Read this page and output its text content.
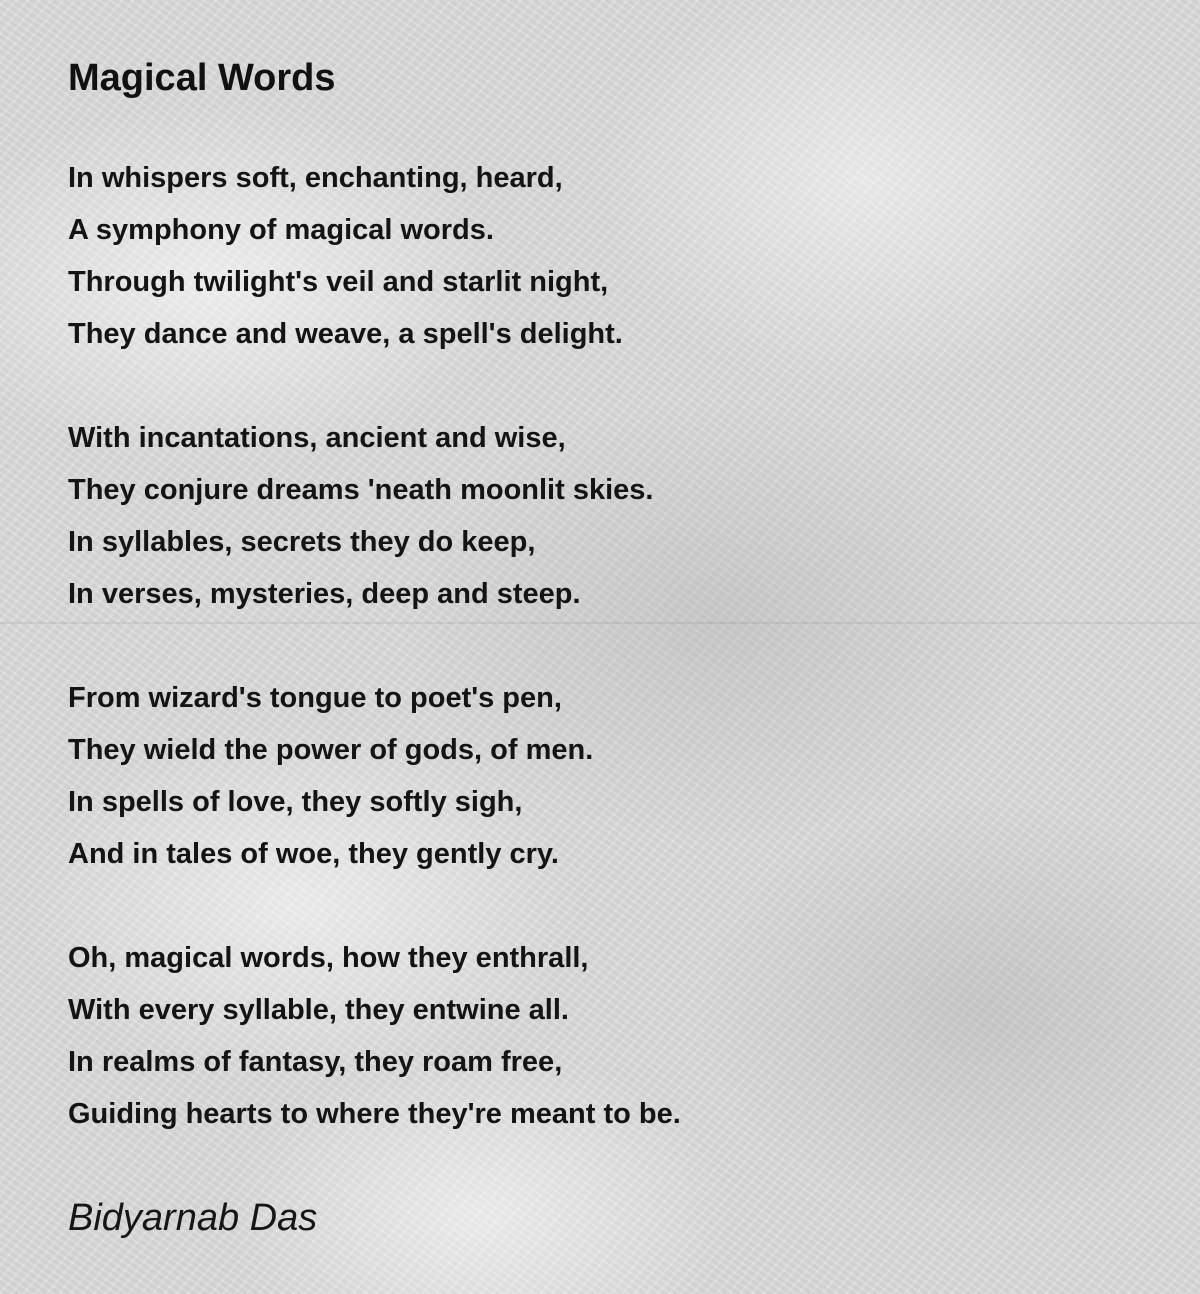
Magical Words
In whispers soft, enchanting, heard,
A symphony of magical words.
Through twilight's veil and starlit night,
They dance and weave, a spell's delight.
With incantations, ancient and wise,
They conjure dreams 'neath moonlit skies.
In syllables, secrets they do keep,
In verses, mysteries, deep and steep.
From wizard's tongue to poet's pen,
They wield the power of gods, of men.
In spells of love, they softly sigh,
And in tales of woe, they gently cry.
Oh, magical words, how they enthrall,
With every syllable, they entwine all.
In realms of fantasy, they roam free,
Guiding hearts to where they're meant to be.

Bidyarnab Das
